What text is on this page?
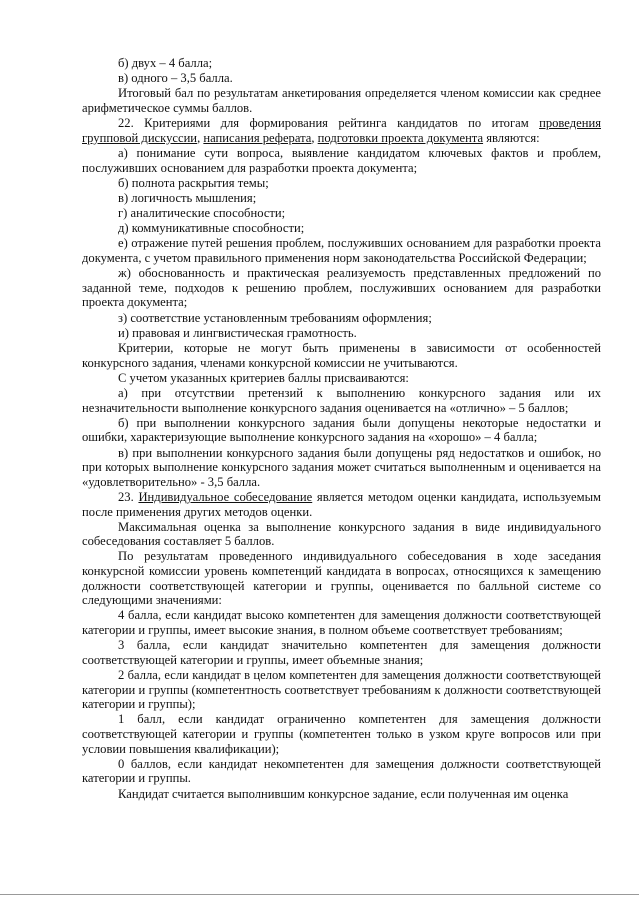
б) двух – 4 балла;

в) одного – 3,5 балла.

Итоговый бал по результатам анкетирования определяется членом комиссии как среднее арифметическое суммы баллов.

22. Критериями для формирования рейтинга кандидатов по итогам проведения групповой дискуссии, написания реферата, подготовки проекта документа являются:

а) понимание сути вопроса, выявление кандидатом ключевых фактов и проблем, послуживших основанием для разработки проекта документа;

б) полнота раскрытия темы;

в) логичность мышления;

г) аналитические способности;

д) коммуникативные способности;

е) отражение путей решения проблем, послуживших основанием для разработки проекта документа, с учетом правильного применения норм законодательства Российской Федерации;

ж) обоснованность и практическая реализуемость представленных предложений по заданной теме, подходов к решению проблем, послуживших основанием для разработки проекта документа;

з) соответствие установленным требованиям оформления;

и) правовая и лингвистическая грамотность.

Критерии, которые не могут быть применены в зависимости от особенностей конкурсного задания, членами конкурсной комиссии не учитываются.

С учетом указанных критериев баллы присваиваются:

а) при отсутствии претензий к выполнению конкурсного задания или их незначительности выполнение конкурсного задания оценивается на «отлично» – 5 баллов;

б) при выполнении конкурсного задания были допущены некоторые недостатки и ошибки, характеризующие выполнение конкурсного задания на «хорошо» – 4 балла;

в) при выполнении конкурсного задания были допущены ряд недостатков и ошибок, но при которых выполнение конкурсного задания может считаться выполненным и оценивается на «удовлетворительно» - 3,5 балла.

23. Индивидуальное собеседование является методом оценки кандидата, используемым после применения других методов оценки.

Максимальная оценка за выполнение конкурсного задания в виде индивидуального собеседования составляет 5 баллов.

По результатам проведенного индивидуального собеседования в ходе заседания конкурсной комиссии уровень компетенций кандидата в вопросах, относящихся к замещению должности соответствующей категории и группы, оценивается по балльной системе со следующими значениями:

4 балла, если кандидат высоко компетентен для замещения должности соответствующей категории и группы, имеет высокие знания, в полном объеме соответствует требованиям;

3 балла, если кандидат значительно компетентен для замещения должности соответствующей категории и группы, имеет объемные знания;

2 балла, если кандидат в целом компетентен для замещения должности соответствующей категории и группы (компетентность соответствует требованиям к должности соответствующей категории и группы);

1 балл, если кандидат ограниченно компетентен для замещения должности соответствующей категории и группы (компетентен только в узком круге вопросов или при условии повышения квалификации);

0 баллов, если кандидат некомпетентен для замещения должности соответствующей категории и группы.

Кандидат считается выполнившим конкурсное задание, если полученная им оценка
